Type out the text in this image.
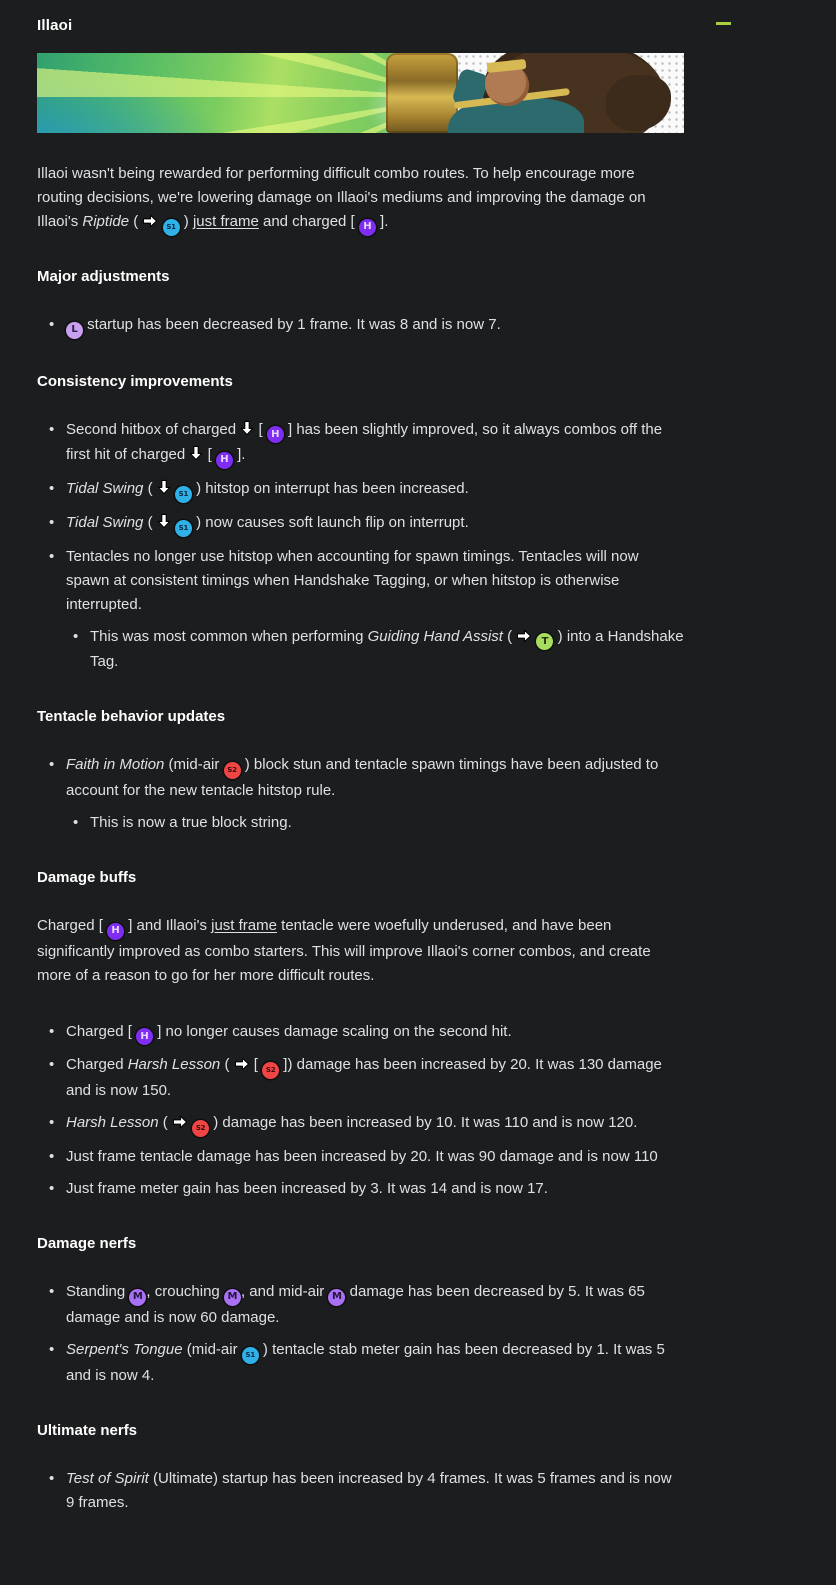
Illaoi

Illaoi wasn't being rewarded for performing difficult combo routes. To help encourage more routing decisions, we're lowering damage on Illaoi's mediums and improving the damage on Illaoi's Riptide (	S1 ) just frame and charged [ H ].

Major adjustments
• L startup has been decreased by 1 frame. It was 8 and is now 7.
Consistency improvements
• Second hitbox of charged
[ H ] has been slightly improved, so it always combos off the first hit of charged
[ H ].
• Tidal Swing (	S1 ) hitstop on interrupt has been increased.
• Tidal Swing (	S1 ) now causes soft launch flip on interrupt.
• Tentacles no longer use hitstop when accounting for spawn timings. Tentacles will now spawn at consistent timings when Handshake Tagging, or when hitstop is otherwise interrupted.
• This was most common when performing Guiding Hand Assist (	T ) into a Handshake Tag.
Tentacle behavior updates
• Faith in Motion (mid-air S2 ) block stun and tentacle spawn timings have been adjusted to account for the new tentacle hitstop rule.
• This is now a true block string.
Damage buffs

Charged [ H ] and Illaoi's just frame tentacle were woefully underused, and have been significantly improved as combo starters. This will improve Illaoi's corner combos, and create more of a reason to go for her more difficult routes.

• Charged [ H ] no longer causes damage scaling on the second hit.
• Charged Harsh Lesson (
[ S2 ]) damage has been increased by 20. It was 130 damage and is now 150.
• Harsh Lesson (	S2 ) damage has been increased by 10. It was 110 and is now 120.
• Just frame tentacle damage has been increased by 20. It was 90 damage and is now 110
• Just frame meter gain has been increased by 3. It was 14 and is now 17.
Damage nerfs
• Standing M , crouching M , and mid-air M damage has been decreased by 5. It was 65 damage and is now 60 damage.
• Serpent's Tongue (mid-air S1 ) tentacle stab meter gain has been decreased by 1. It was 5 and is now 4.
Ultimate nerfs
• Test of Spirit (Ultimate) startup has been increased by 4 frames. It was 5 frames and is now 9 frames.
